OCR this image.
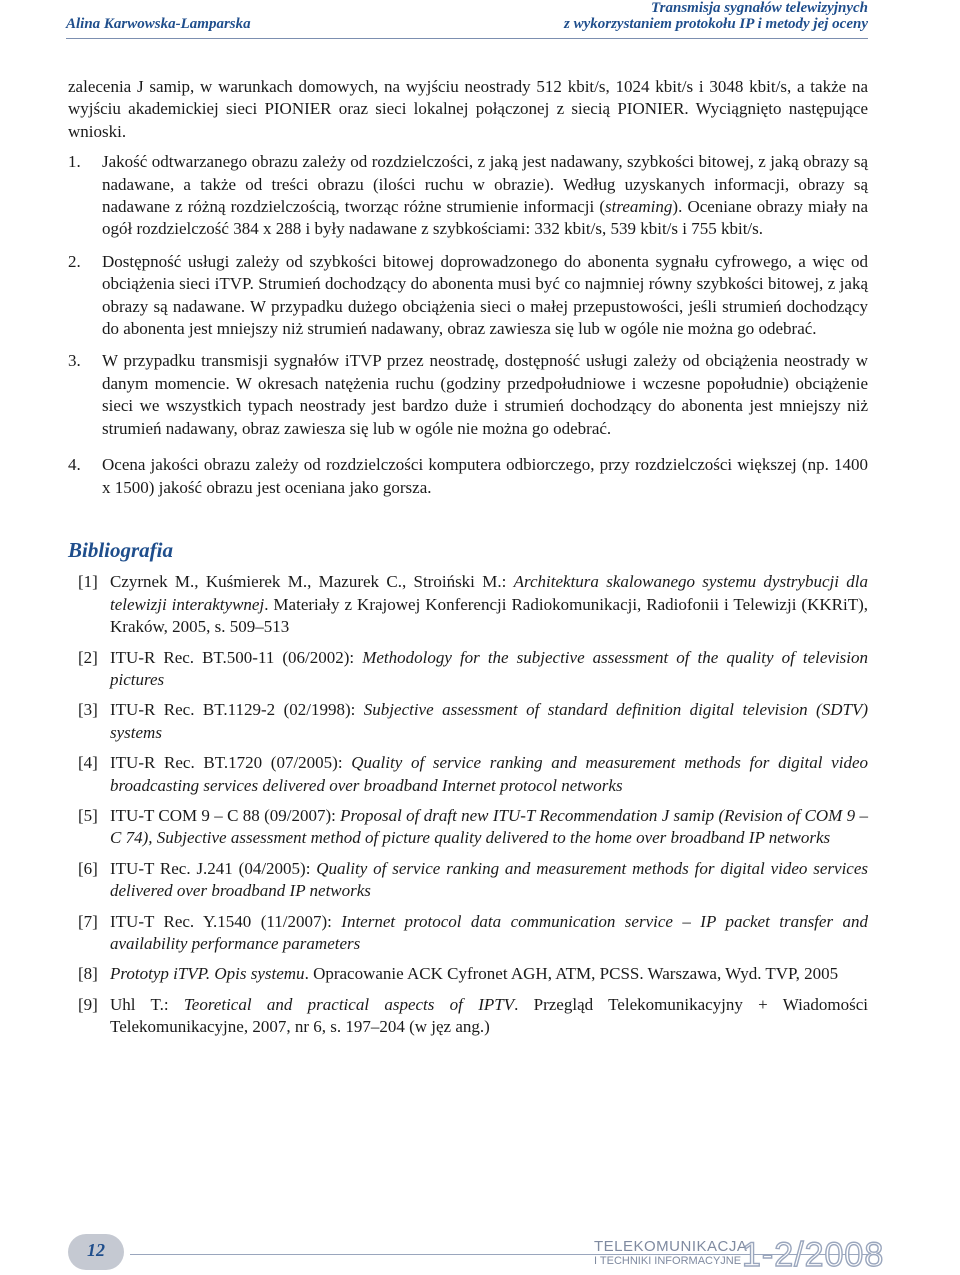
Alina Karwowska-Lamparska
Transmisja sygnałów telewizyjnych
z wykorzystaniem protokołu IP i metody jej oceny

zalecenia J samip, w warunkach domowych, na wyjściu neostrady 512 kbit/s, 1024 kbit/s i 3048 kbit/s, a także na wyjściu akademickiej sieci PIONIER oraz sieci lokalnej połączonej z siecią PIONIER. Wyciągnięto następujące wnioski.

1. Jakość odtwarzanego obrazu zależy od rozdzielczości, z jaką jest nadawany, szybkości bitowej, z jaką obrazy są nadawane, a także od treści obrazu (ilości ruchu w obrazie). Według uzyskanych informacji, obrazy są nadawane z różną rozdzielczością, tworząc różne strumienie informacji (streaming). Oceniane obrazy miały na ogół rozdzielczość 384 x 288 i były nadawane z szybkościami: 332 kbit/s, 539 kbit/s i 755 kbit/s.
2. Dostępność usługi zależy od szybkości bitowej doprowadzonego do abonenta sygnału cyfrowego, a więc od obciążenia sieci iTVP. Strumień dochodzący do abonenta musi być co najmniej równy szybkości bitowej, z jaką obrazy są nadawane. W przypadku dużego obciążenia sieci o małej przepustowości, jeśli strumień dochodzący do abonenta jest mniejszy niż strumień nadawany, obraz zawiesza się lub w ogóle nie można go odebrać.
3. W przypadku transmisji sygnałów iTVP przez neostradę, dostępność usługi zależy od obciążenia neostrady w danym momencie. W okresach natężenia ruchu (godziny przedpołudniowe i wczesne popołudnie) obciążenie sieci we wszystkich typach neostrady jest bardzo duże i strumień dochodzący do abonenta jest mniejszy niż strumień nadawany, obraz zawiesza się lub w ogóle nie można go odebrać.
4. Ocena jakości obrazu zależy od rozdzielczości komputera odbiorczego, przy rozdzielczości większej (np. 1400 x 1500) jakość obrazu jest oceniana jako gorsza.
Bibliografia
[1] Czyrnek M., Kuśmierek M., Mazurek C., Stroiński M.: Architektura skalowanego systemu dystrybucji dla telewizji interaktywnej. Materiały z Krajowej Konferencji Radiokomunikacji, Radiofonii i Telewizji (KKRiT), Kraków, 2005, s. 509–513
[2] ITU-R Rec. BT.500-11 (06/2002): Methodology for the subjective assessment of the quality of television pictures
[3] ITU-R Rec. BT.1129-2 (02/1998): Subjective assessment of standard definition digital television (SDTV) systems
[4] ITU-R Rec. BT.1720 (07/2005): Quality of service ranking and measurement methods for digital video broadcasting services delivered over broadband Internet protocol networks
[5] ITU-T COM 9 – C 88 (09/2007): Proposal of draft new ITU-T Recommendation J samip (Revision of COM 9 – C 74), Subjective assessment method of picture quality delivered to the home over broadband IP networks
[6] ITU-T Rec. J.241 (04/2005): Quality of service ranking and measurement methods for digital video services delivered over broadband IP networks
[7] ITU-T Rec. Y.1540 (11/2007): Internet protocol data communication service – IP packet transfer and availability performance parameters
[8] Prototyp iTVP. Opis systemu. Opracowanie ACK Cyfronet AGH, ATM, PCSS. Warszawa, Wyd. TVP, 2005
[9] Uhl T.: Teoretical and practical aspects of IPTV. Przegląd Telekomunikacyjny + Wiadomości Telekomunikacyjne, 2007, nr 6, s. 197–204 (w jęz ang.)
12	TELEKOMUNIKACJA
I TECHNIKI INFORMACYJNE 1-2/2008
